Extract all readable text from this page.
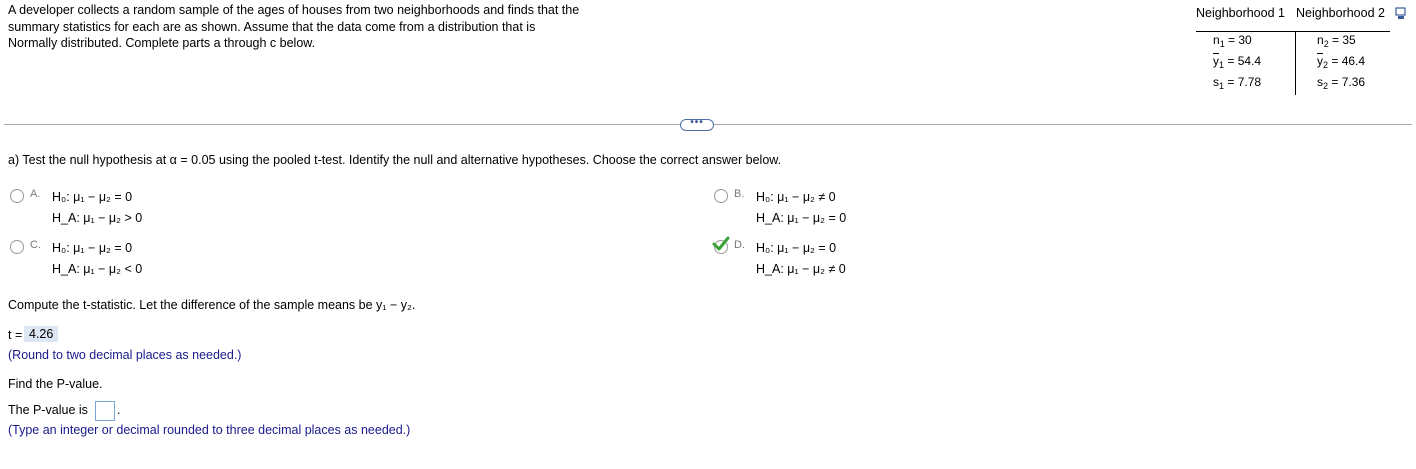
A developer collects a random sample of the ages of houses from two neighborhoods and finds that the
summary statistics for each are as shown. Assume that the data come from a distribution that is
Normally distributed. Complete parts a through c below.
Neighborhood 1 Neighborhood 2
$n_1 = 30$
$\overline{y}_1 = 54.4$
$s_1 = 7.78$
$n_2 = 35$
$\overline{y}_2 = 46.4$
$s_2 = 7.36$
•••
a) Test the null hypothesis at α = 0.05 using the pooled t-test. Identify the null and alternative hypotheses. Choose the correct answer below.
A. H₀: μ₁ − μ₂ = 0
H_A: μ₁ − μ₂ > 0
B. H₀: μ₁ − μ₂ ≠ 0
H_A: μ₁ − μ₂ = 0
C. H₀: μ₁ − μ₂ = 0
H_A: μ₁ − μ₂ < 0
D. H₀: μ₁ − μ₂ = 0
H_A: μ₁ − μ₂ ≠ 0
Compute the t-statistic. Let the difference of the sample means be y₁ − y₂.
t = 4.26
(Round to two decimal places as needed.)
Find the P-value.
The P-value is .
(Type an integer or decimal rounded to three decimal places as needed.)
